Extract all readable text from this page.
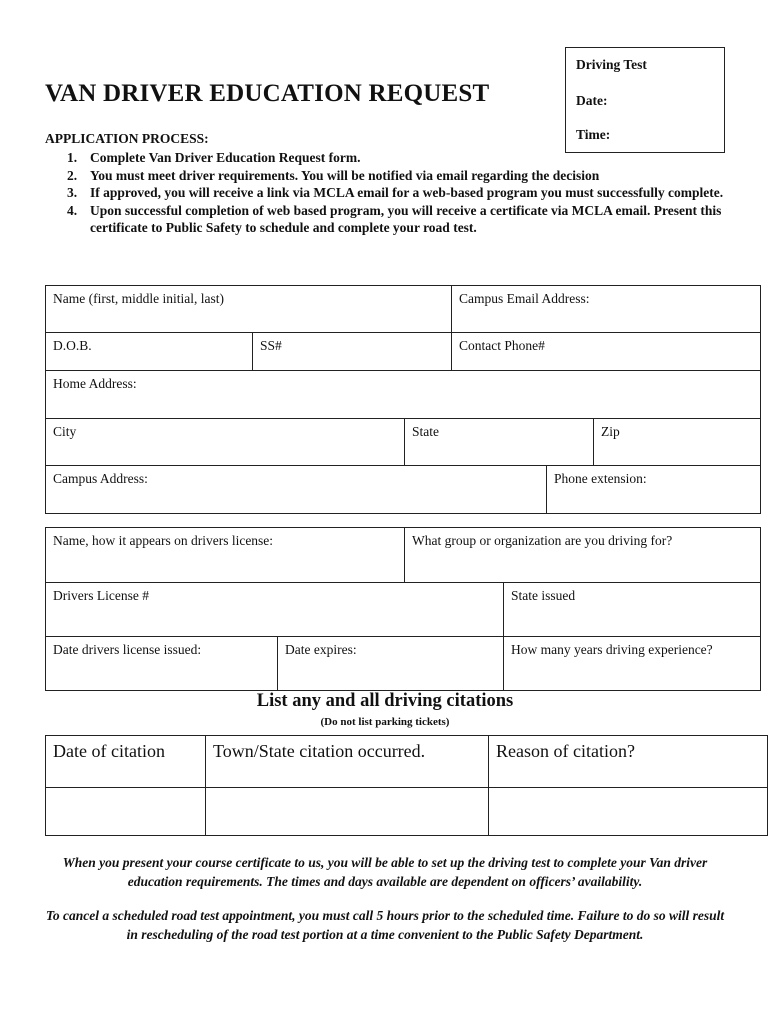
VAN DRIVER EDUCATION REQUEST
Driving Test
Date:
Time:
APPLICATION PROCESS:
1. Complete Van Driver Education Request form.
2. You must meet driver requirements. You will be notified via email regarding the decision
3. If approved, you will receive a link via MCLA email for a web-based program you must successfully complete.
4. Upon successful completion of web based program, you will receive a certificate via MCLA email. Present this certificate to Public Safety to schedule and complete your road test.
Name (first, middle initial, last)			Campus Email Address:		
D.O.B.	SS#		Contact Phone#		
Home Address:					
City		State			Zip
Campus Address:				Phone extension:	
Name, how it appears on drivers license:		What group or organization are you driving for?	
Drivers License #			State issued
Date drivers license issued:	Date expires:		How many years driving experience?
List any and all driving citations
(Do not list parking tickets)
Date of citation	Town/State citation occurred.	Reason of citation?

When you present your course certificate to us, you will be able to set up the driving test to complete your Van driver education requirements. The times and days available are dependent on officers’ availability.
To cancel a scheduled road test appointment, you must call 5 hours prior to the scheduled time. Failure to do so will result in rescheduling of the road test portion at a time convenient to the Public Safety Department.
